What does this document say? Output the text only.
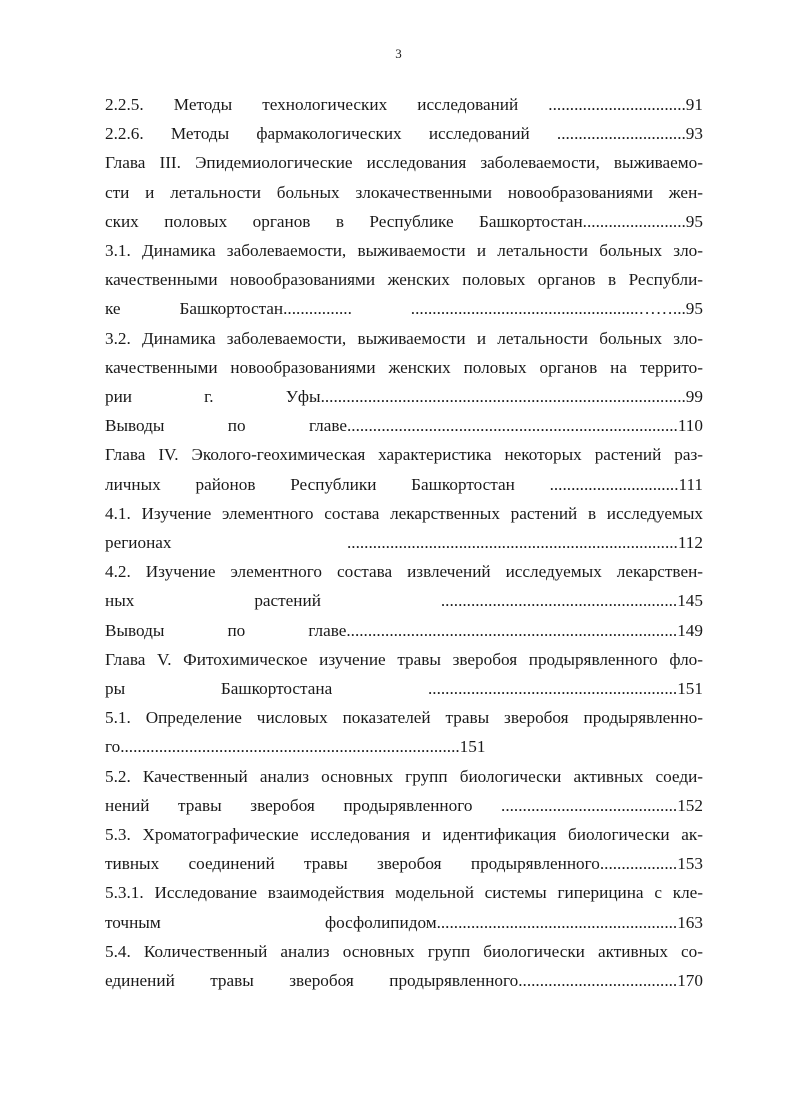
3
2.2.5. Методы технологических исследований ................................91
2.2.6. Методы фармакологических исследований ..............................93
Глава III. Эпидемиологические исследования заболеваемости, выживаемо-
сти и летальности больных злокачественными новообразованиями жен-
ских половых органов в Республике Башкортостан........................95
3.1. Динамика заболеваемости, выживаемости и летальности больных зло-
качественными новообразованиями женских половых органов в Республи-
ке Башкортостан................ .....................................................……...95
3.2. Динамика заболеваемости, выживаемости и летальности больных зло-
качественными новообразованиями женских половых органов на террито-
рии г. Уфы.....................................................................................99
Выводы по главе.............................................................................110
Глава IV. Эколого-геохимическая характеристика некоторых растений раз-
личных районов Республики Башкортостан ..............................111
4.1. Изучение элементного состава лекарственных растений в исследуемых
регионах .............................................................................112
4.2. Изучение элементного состава извлечений исследуемых лекарствен-
ных растений .......................................................145
Выводы по главе.............................................................................149
Глава V. Фитохимическое изучение травы зверобоя продырявленного фло-
ры Башкортостана ..........................................................151
5.1. Определение числовых показателей травы зверобоя продырявленно-
го...............................................................................151
5.2. Качественный анализ основных групп биологически активных соеди-
нений травы зверобоя продырявленного .........................................152
5.3. Хроматографические исследования и идентификация биологически ак-
тивных соединений травы зверобоя продырявленного..................153
5.3.1. Исследование взаимодействия модельной системы гиперицина с кле-
точным фосфолипидом........................................................163
5.4. Количественный анализ основных групп биологически активных со-
единений травы зверобоя продырявленного.....................................170
